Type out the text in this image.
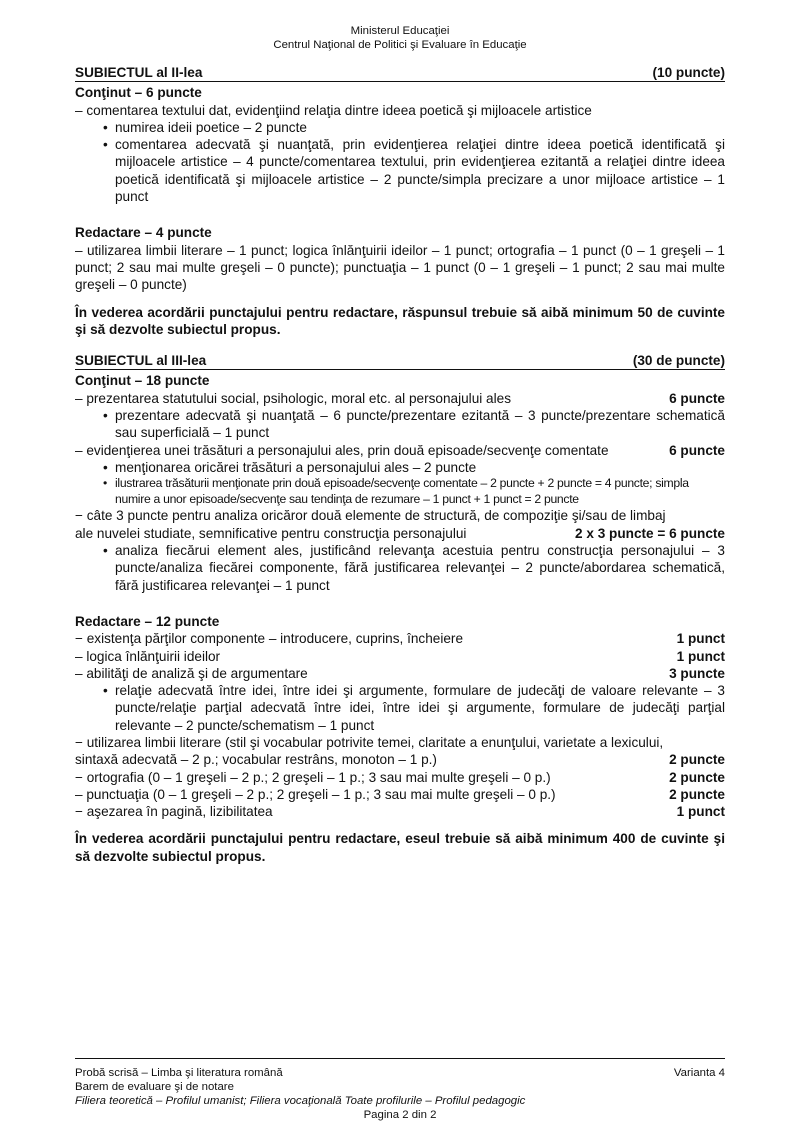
Ministerul Educaţiei
Centrul Naţional de Politici şi Evaluare în Educaţie
SUBIECTUL al II-lea	(10 puncte)
Conţinut – 6 puncte
– comentarea textului dat, evidenţiind relaţia dintre ideea poetică şi mijloacele artistice
• numirea ideii poetice – 2 puncte
• comentarea adecvată şi nuanţată, prin evidenţierea relaţiei dintre ideea poetică identificată şi mijloacele artistice – 4 puncte/comentarea textului, prin evidenţierea ezitantă a relaţiei dintre ideea poetică identificată şi mijloacele artistice – 2 puncte/simpla precizare a unor mijloace artistice – 1 punct
Redactare – 4 puncte
– utilizarea limbii literare – 1 punct; logica înlănţuirii ideilor – 1 punct; ortografia – 1 punct (0 – 1 greşeli – 1 punct; 2 sau mai multe greşeli – 0 puncte); punctuaţia – 1 punct (0 – 1 greşeli – 1 punct; 2 sau mai multe greşeli – 0 puncte)
În vederea acordării punctajului pentru redactare, răspunsul trebuie să aibă minimum 50 de cuvinte şi să dezvolte subiectul propus.
SUBIECTUL al III-lea	(30 de puncte)
Conţinut – 18 puncte
– prezentarea statutului social, psihologic, moral etc. al personajului ales	6 puncte
• prezentare adecvată şi nuanţată – 6 puncte/prezentare ezitantă – 3 puncte/prezentare schematică sau superficială – 1 punct
– evidenţierea unei trăsături a personajului ales, prin două episoade/secvenţe comentate	6 puncte
• menţionarea oricărei trăsături a personajului ales – 2 puncte
• ilustrarea trăsăturii menţionate prin două episoade/secvenţe comentate – 2 puncte + 2 puncte = 4 puncte; simpla numire a unor episoade/secvenţe sau tendinţa de rezumare – 1 punct + 1 punct = 2 puncte
− câte 3 puncte pentru analiza oricăror două elemente de structură, de compoziţie şi/sau de limbaj
ale nuvelei studiate, semnificative pentru construcţia personajului	2 x 3 puncte = 6 puncte
• analiza fiecărui element ales, justificând relevanţa acestuia pentru construcţia personajului – 3 puncte/analiza fiecărei componente, fără justificarea relevanţei – 2 puncte/abordarea schematică, fără justificarea relevanţei – 1 punct
Redactare – 12 puncte
− existenţa părţilor componente – introducere, cuprins, încheiere	1 punct
– logica înlănţuirii ideilor	1 punct
– abilităţi de analiză şi de argumentare	3 puncte
• relaţie adecvată între idei, între idei şi argumente, formulare de judecăţi de valoare relevante – 3 puncte/relaţie parţial adecvată între idei, între idei şi argumente, formulare de judecăţi parţial relevante – 2 puncte/schematism – 1 punct
− utilizarea limbii literare (stil şi vocabular potrivite temei, claritate a enunţului, varietate a lexicului,
sintaxă adecvată – 2 p.; vocabular restrâns, monoton – 1 p.)	2 puncte
− ortografia (0 – 1 greşeli – 2 p.; 2 greşeli – 1 p.; 3 sau mai multe greşeli – 0 p.)	2 puncte
– punctuaţia (0 – 1 greşeli – 2 p.; 2 greşeli – 1 p.; 3 sau mai multe greşeli – 0 p.)	2 puncte
− aşezarea în pagină, lizibilitatea	1 punct
În vederea acordării punctajului pentru redactare, eseul trebuie să aibă minimum 400 de cuvinte şi să dezvolte subiectul propus.
Probă scrisă – Limba şi literatura română	Varianta 4
Barem de evaluare şi de notare
Filiera teoretică – Profilul umanist; Filiera vocaţională Toate profilurile – Profilul pedagogic
Pagina 2 din 2
